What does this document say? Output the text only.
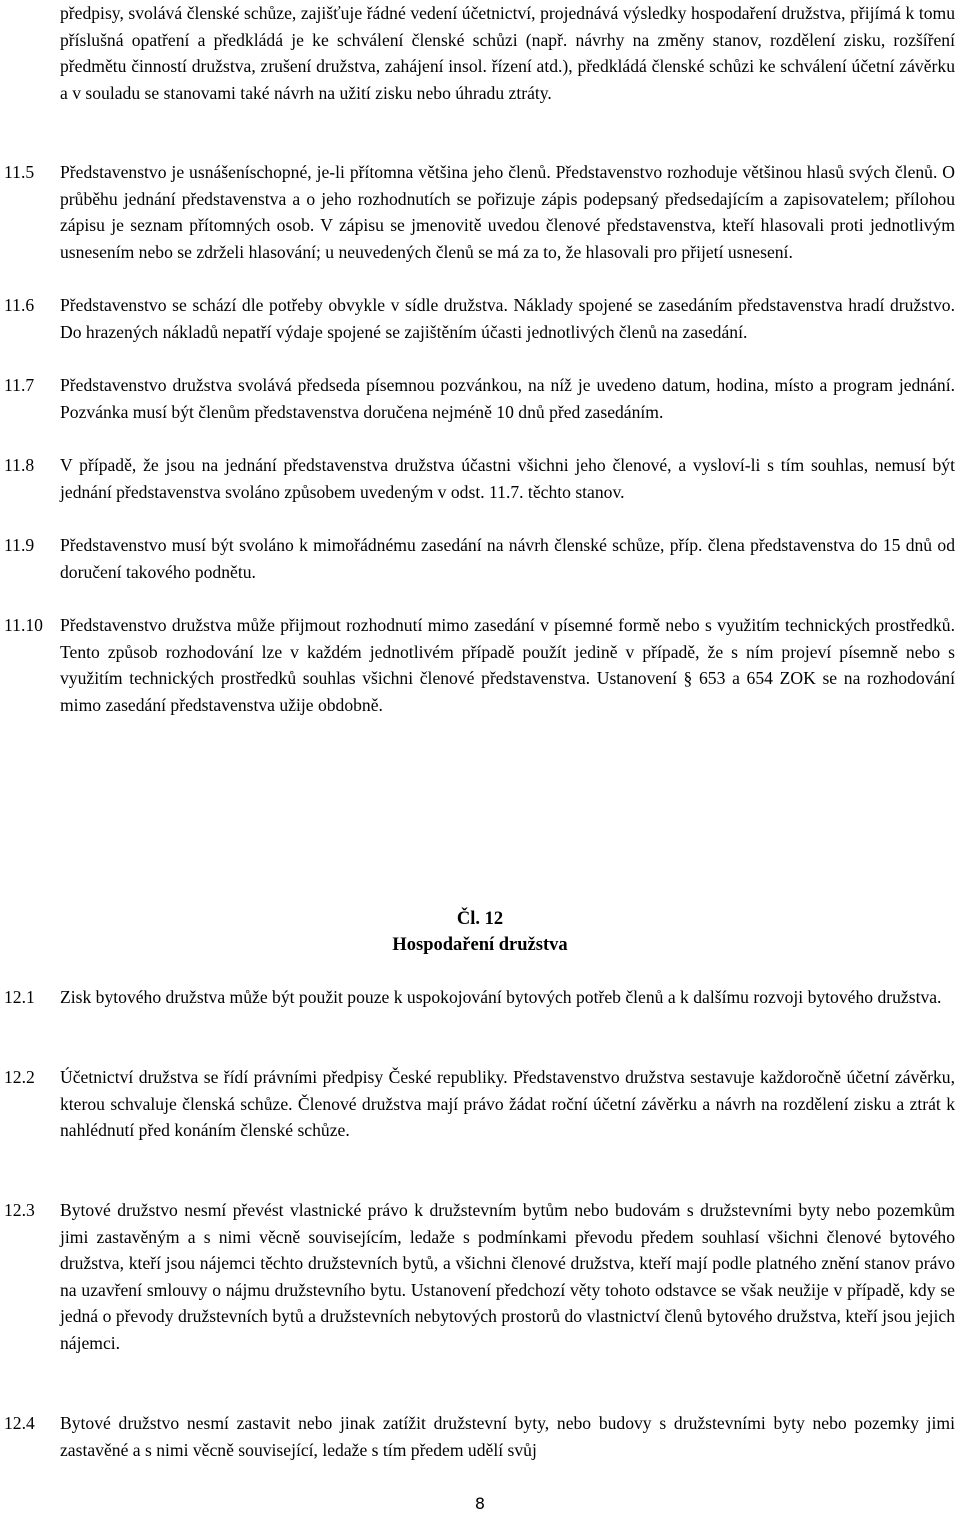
předpisy, svolává členské schůze, zajišťuje řádné vedení účetnictví, projednává výsledky hospodaření družstva, přijímá k tomu příslušná opatření a předkládá je ke schválení členské schůzi (např. návrhy na změny stanov, rozdělení zisku, rozšíření předmětu činností družstva, zrušení družstva, zahájení insol. řízení atd.), předkládá členské schůzi ke schválení účetní závěrku a v souladu se stanovami také návrh na užití zisku nebo úhradu ztráty.
11.5 Představenstvo je usnášeníschopné, je-li přítomna většina jeho členů. Představenstvo rozhoduje většinou hlasů svých členů. O průběhu jednání představenstva a o jeho rozhodnutích se pořizuje zápis podepsaný předsedajícím a zapisovatelem; přílohou zápisu je seznam přítomných osob. V zápisu se jmenovitě uvedou členové představenstva, kteří hlasovali proti jednotlivým usnesením nebo se zdrželi hlasování; u neuvedených členů se má za to, že hlasovali pro přijetí usnesení.
11.6 Představenstvo se schází dle potřeby obvykle v sídle družstva. Náklady spojené se zasedáním představenstva hradí družstvo. Do hrazených nákladů nepatří výdaje spojené se zajištěním účasti jednotlivých členů na zasedání.
11.7 Představenstvo družstva svolává předseda písemnou pozvánkou, na níž je uvedeno datum, hodina, místo a program jednání. Pozvánka musí být členům představenstva doručena nejméně 10 dnů před zasedáním.
11.8 V případě, že jsou na jednání představenstva družstva účastni všichni jeho členové, a vysloví-li s tím souhlas, nemusí být jednání představenstva svoláno způsobem uvedeným v odst. 11.7. těchto stanov.
11.9 Představenstvo musí být svoláno k mimořádnému zasedání na návrh členské schůze, příp. člena představenstva do 15 dnů od doručení takového podnětu.
11.10 Představenstvo družstva může přijmout rozhodnutí mimo zasedání v písemné formě nebo s využitím technických prostředků. Tento způsob rozhodování lze v každém jednotlivém případě použít jedině v případě, že s ním projeví písemně nebo s využitím technických prostředků souhlas všichni členové představenstva. Ustanovení § 653 a 654 ZOK se na rozhodování mimo zasedání představenstva užije obdobně.
Čl. 12
Hospodaření družstva
12.1 Zisk bytového družstva může být použit pouze k uspokojování bytových potřeb členů a k dalšímu rozvoji bytového družstva.
12.2 Účetnictví družstva se řídí právními předpisy České republiky. Představenstvo družstva sestavuje každoročně účetní závěrku, kterou schvaluje členská schůze. Členové družstva mají právo žádat roční účetní závěrku a návrh na rozdělení zisku a ztrát k nahlédnutí před konáním členské schůze.
12.3 Bytové družstvo nesmí převést vlastnické právo k družstevním bytům nebo budovám s družstevními byty nebo pozemkům jimi zastavěným a s nimi věcně souvisejícím, ledaže s podmínkami převodu předem souhlasí všichni členové bytového družstva, kteří jsou nájemci těchto družstevních bytů, a všichni členové družstva, kteří mají podle platného znění stanov právo na uzavření smlouvy o nájmu družstevního bytu. Ustanovení předchozí věty tohoto odstavce se však neužije v případě, kdy se jedná o převody družstevních bytů a družstevních nebytových prostorů do vlastnictví členů bytového družstva, kteří jsou jejich nájemci.
12.4 Bytové družstvo nesmí zastavit nebo jinak zatížit družstevní byty, nebo budovy s družstevními byty nebo pozemky jimi zastavěné a s nimi věcně související, ledaže s tím předem udělí svůj
8
